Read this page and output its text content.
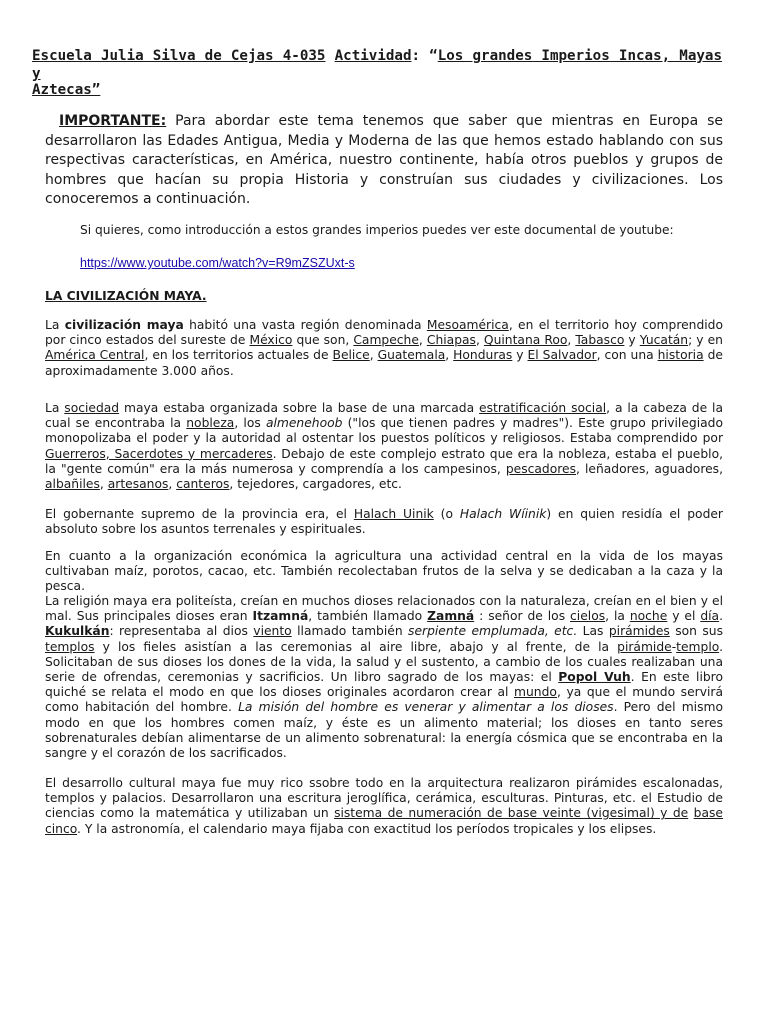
Escuela Julia Silva de Cejas 4-035 Actividad: “Los grandes Imperios Incas, Mayas y
Aztecas”
IMPORTANTE: Para abordar este tema tenemos que saber que mientras en Europa se desarrollaron las Edades Antigua, Media y Moderna de las que hemos estado hablando con sus respectivas características, en América, nuestro continente, había otros pueblos y grupos de hombres que hacían su propia Historia y construían sus ciudades y civilizaciones. Los conoceremos a continuación.
Si quieres, como introducción a estos grandes imperios puedes ver este documental de youtube:
https://www.youtube.com/watch?v=R9mZSZUxt-s
LA CIVILIZACIÓN MAYA.
La civilización maya habitó una vasta región denominada Mesoamérica, en el territorio hoy comprendido por cinco estados del sureste de México que son, Campeche, Chiapas, Quintana Roo, Tabasco y Yucatán; y en América Central, en los territorios actuales de Belice, Guatemala, Honduras y El Salvador, con una historia de aproximadamente 3.000 años.
La sociedad maya estaba organizada sobre la base de una marcada estratificación social, a la cabeza de la cual se encontraba la nobleza, los almenehoob ("los que tienen padres y madres"). Este grupo privilegiado monopolizaba el poder y la autoridad al ostentar los puestos políticos y religiosos. Estaba comprendido por Guerreros, Sacerdotes y mercaderes. Debajo de este complejo estrato que era la nobleza, estaba el pueblo, la "gente común" era la más numerosa y comprendía a los campesinos, pescadores, leñadores, aguadores, albañiles, artesanos, canteros, tejedores, cargadores, etc.
El gobernante supremo de la provincia era, el Halach Uinik (o Halach Wíinik) en quien residía el poder absoluto sobre los asuntos terrenales y espirituales.
En cuanto a la organización económica la agricultura una actividad central en la vida de los mayas cultivaban maíz, porotos, cacao, etc. También recolectaban frutos de la selva y se dedicaban a la caza y la pesca.
La religión maya era politeísta, creían en muchos dioses relacionados con la naturaleza, creían en el bien y el mal. Sus principales dioses eran Itzamná, también llamado Zamná : señor de los cielos, la noche y el día. Kukulkán: representaba al dios viento llamado también serpiente emplumada, etc. Las pirámides son sus templos y los fieles asistían a las ceremonias al aire libre, abajo y al frente, de la pirámide-templo. Solicitaban de sus dioses los dones de la vida, la salud y el sustento, a cambio de los cuales realizaban una serie de ofrendas, ceremonias y sacrificios. Un libro sagrado de los mayas: el Popol Vuh. En este libro quiché se relata el modo en que los dioses originales acordaron crear al mundo, ya que el mundo servirá como habitación del hombre. La misión del hombre es venerar y alimentar a los dioses. Pero del mismo modo en que los hombres comen maíz, y éste es un alimento material; los dioses en tanto seres sobrenaturales debían alimentarse de un alimento sobrenatural: la energía cósmica que se encontraba en la sangre y el corazón de los sacrificados.
El desarrollo cultural maya fue muy rico ssobre todo en la arquitectura realizaron pirámides escalonadas, templos y palacios. Desarrollaron una escritura jeroglífica, cerámica, esculturas. Pinturas, etc. el Estudio de ciencias como la matemática y utilizaban un sistema de numeración de base veinte (vigesimal) y de base cinco. Y la astronomía, el calendario maya fijaba con exactitud los períodos tropicales y los elipses.
